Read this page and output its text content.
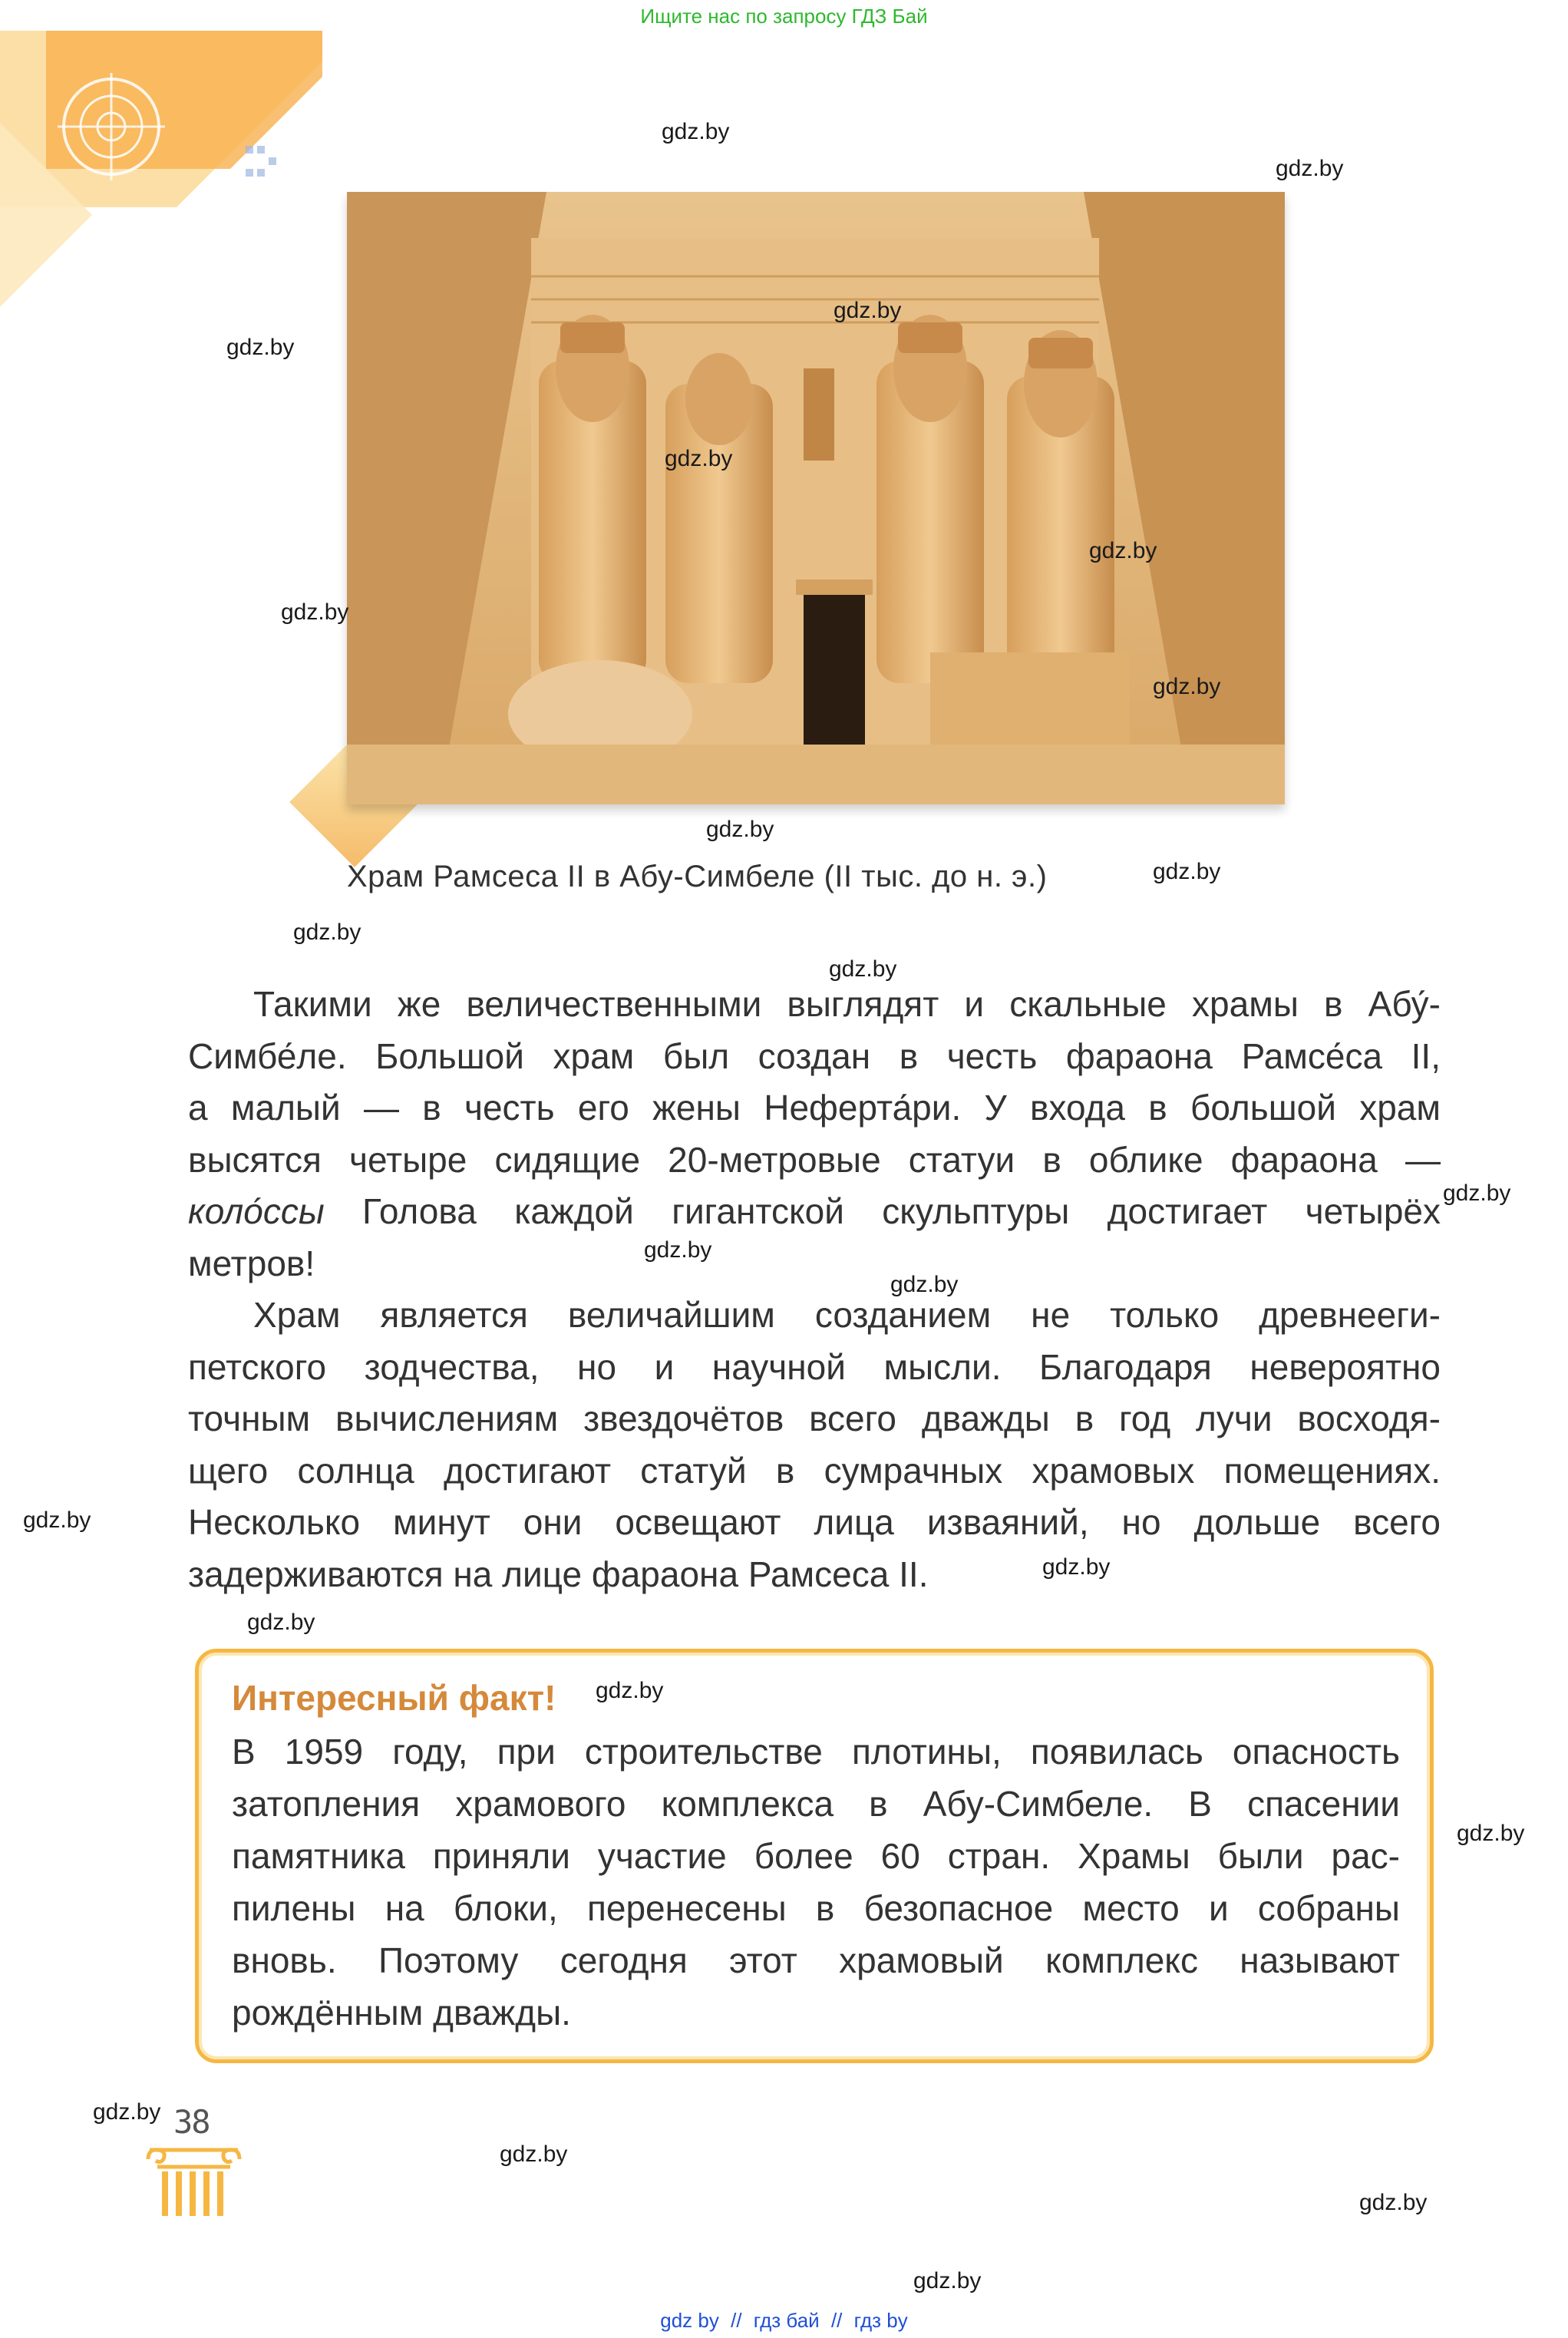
Ищите нас по запросу ГДЗ Бай
Храм Рамсеса II в Абу-Симбеле (II тыс. до н. э.)
Такими же величественными выглядят и скальные храмы в Абу́-
Симбе́ле. Большой храм был создан в честь фараона Рамсе́са II,
а малый — в честь его жены Неферта́ри. У входа в большой храм
высятся четыре сидящие 20-метровые статуи в облике фараона —
коло́ссы Голова каждой гигантской скульптуры достигает четырёх
метров!
Храм является величайшим созданием не только древнееги-
петского зодчества, но и научной мысли. Благодаря невероятно
точным вычислениям звездочётов всего дважды в год лучи восходя-
щего солнца достигают статуй в сумрачных храмовых помещениях.
Несколько минут они освещают лица изваяний, но дольше всего
задерживаются на лице фараона Рамсеса II.
Интересный факт!
В 1959 году, при строительстве плотины, появилась опасность
затопления храмового комплекса в Абу-Симбеле. В спасении
памятника приняли участие более 60 стран. Храмы были рас-
пилены на блоки, перенесены в безопасное место и собраны
вновь. Поэтому сегодня этот храмовый комплекс называют
рождённым дважды.
38
gdz.by
gdz.by
gdz.by
gdz.by
gdz.by
gdz.by
gdz.by
gdz.by
gdz.by
gdz.by
gdz.by
gdz.by
gdz.by
gdz.by
gdz.by
gdz.by
gdz.by
gdz.by
gdz.by
gdz.by
gdz.by
gdz.by
gdz.by
gdz.by
gdz by // гдз бай // гдз by
